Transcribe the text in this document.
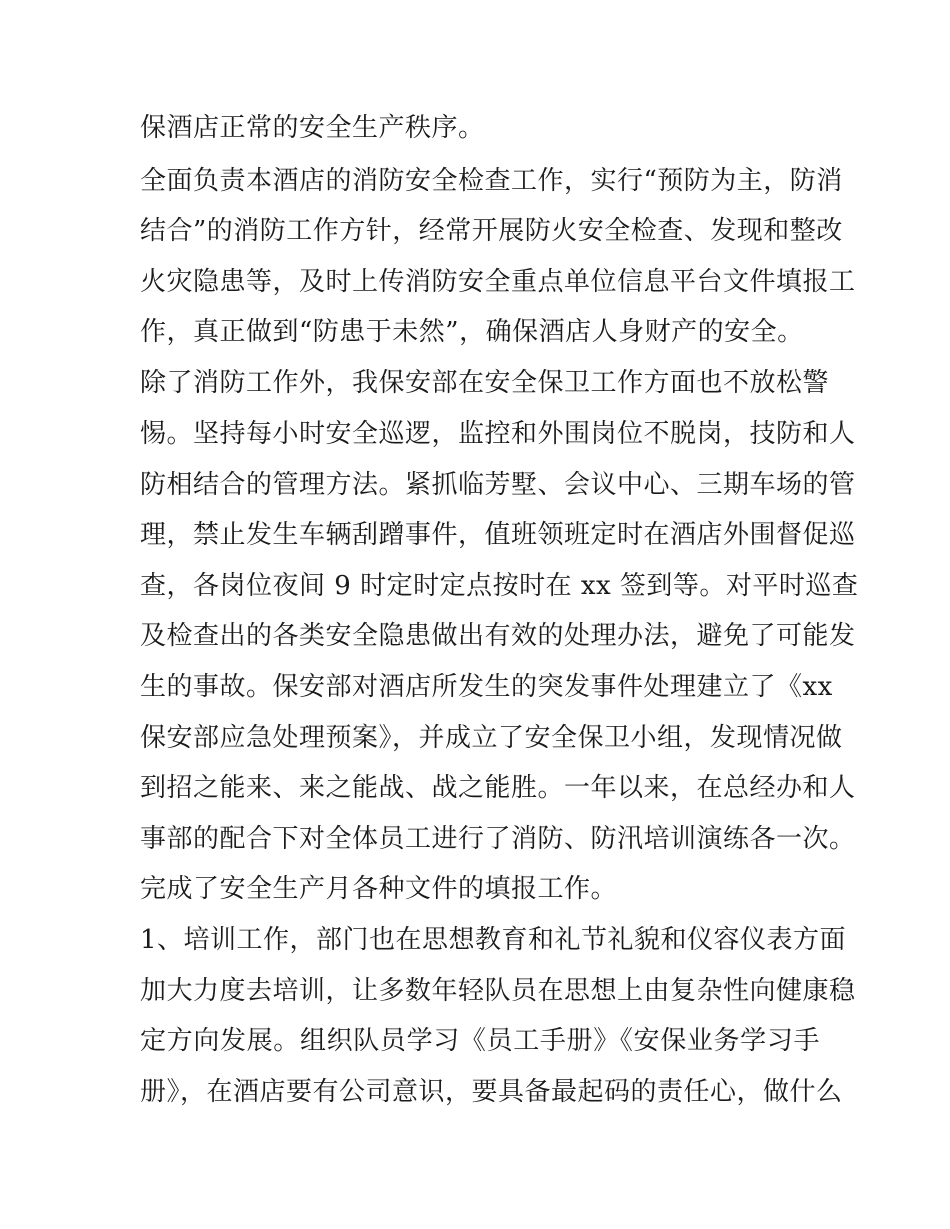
保酒店正常的安全生产秩序。
全面负责本酒店的消防安全检查工作，实行“预防为主，防消
结合”的消防工作方针，经常开展防火安全检查、发现和整改
火灾隐患等，及时上传消防安全重点单位信息平台文件填报工
作，真正做到“防患于未然”，确保酒店人身财产的安全。
除了消防工作外，我保安部在安全保卫工作方面也不放松警
惕。坚持每小时安全巡逻，监控和外围岗位不脱岗，技防和人
防相结合的管理方法。紧抓临芳墅、会议中心、三期车场的管
理，禁止发生车辆刮蹭事件，值班领班定时在酒店外围督促巡
查，各岗位夜间 9 时定时定点按时在 xx 签到等。对平时巡查
及检查出的各类安全隐患做出有效的处理办法，避免了可能发
生的事故。保安部对酒店所发生的突发事件处理建立了《xx
保安部应急处理预案》，并成立了安全保卫小组，发现情况做
到招之能来、来之能战、战之能胜。一年以来，在总经办和人
事部的配合下对全体员工进行了消防、防汛培训演练各一次。
完成了安全生产月各种文件的填报工作。
1、培训工作，部门也在思想教育和礼节礼貌和仪容仪表方面
加大力度去培训，让多数年轻队员在思想上由复杂性向健康稳
定方向发展。组织队员学习《员工手册》《安保业务学习手
册》，在酒店要有公司意识，要具备最起码的责任心，做什么
